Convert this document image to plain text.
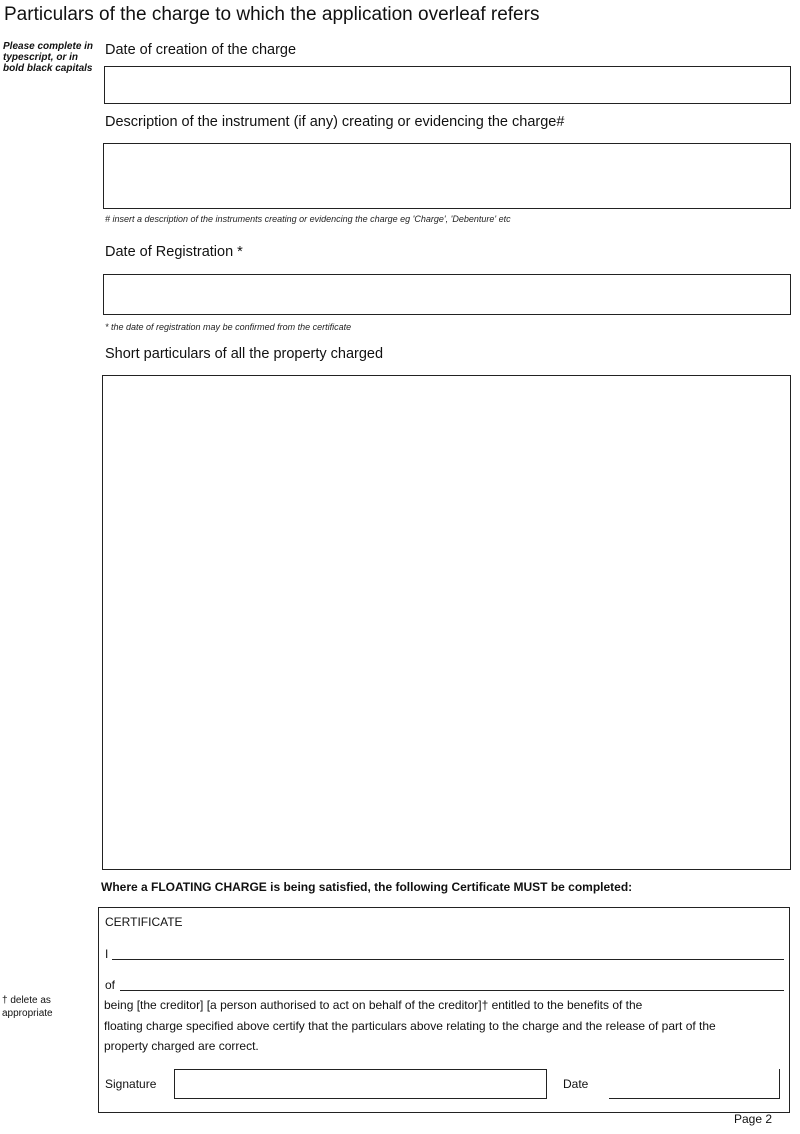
Particulars of the charge to which the application overleaf refers
Please complete in typescript, or in bold black capitals
Date of creation of the charge
Description of the instrument (if any) creating or evidencing the charge#
# insert a description of the instruments creating or evidencing the charge eg 'Charge', 'Debenture' etc
Date of Registration *
* the date of registration may be confirmed from the certificate
Short particulars of all the property charged
Where a FLOATING CHARGE is being satisfied, the following Certificate MUST be completed:
CERTIFICATE
I
of
being [the creditor] [a person authorised to act on behalf of the creditor]† entitled to the benefits of the
floating charge specified above certify that the particulars above relating to the charge and the release of part of the
property charged are correct.
Signature	Date
† delete as appropriate
Page 2
